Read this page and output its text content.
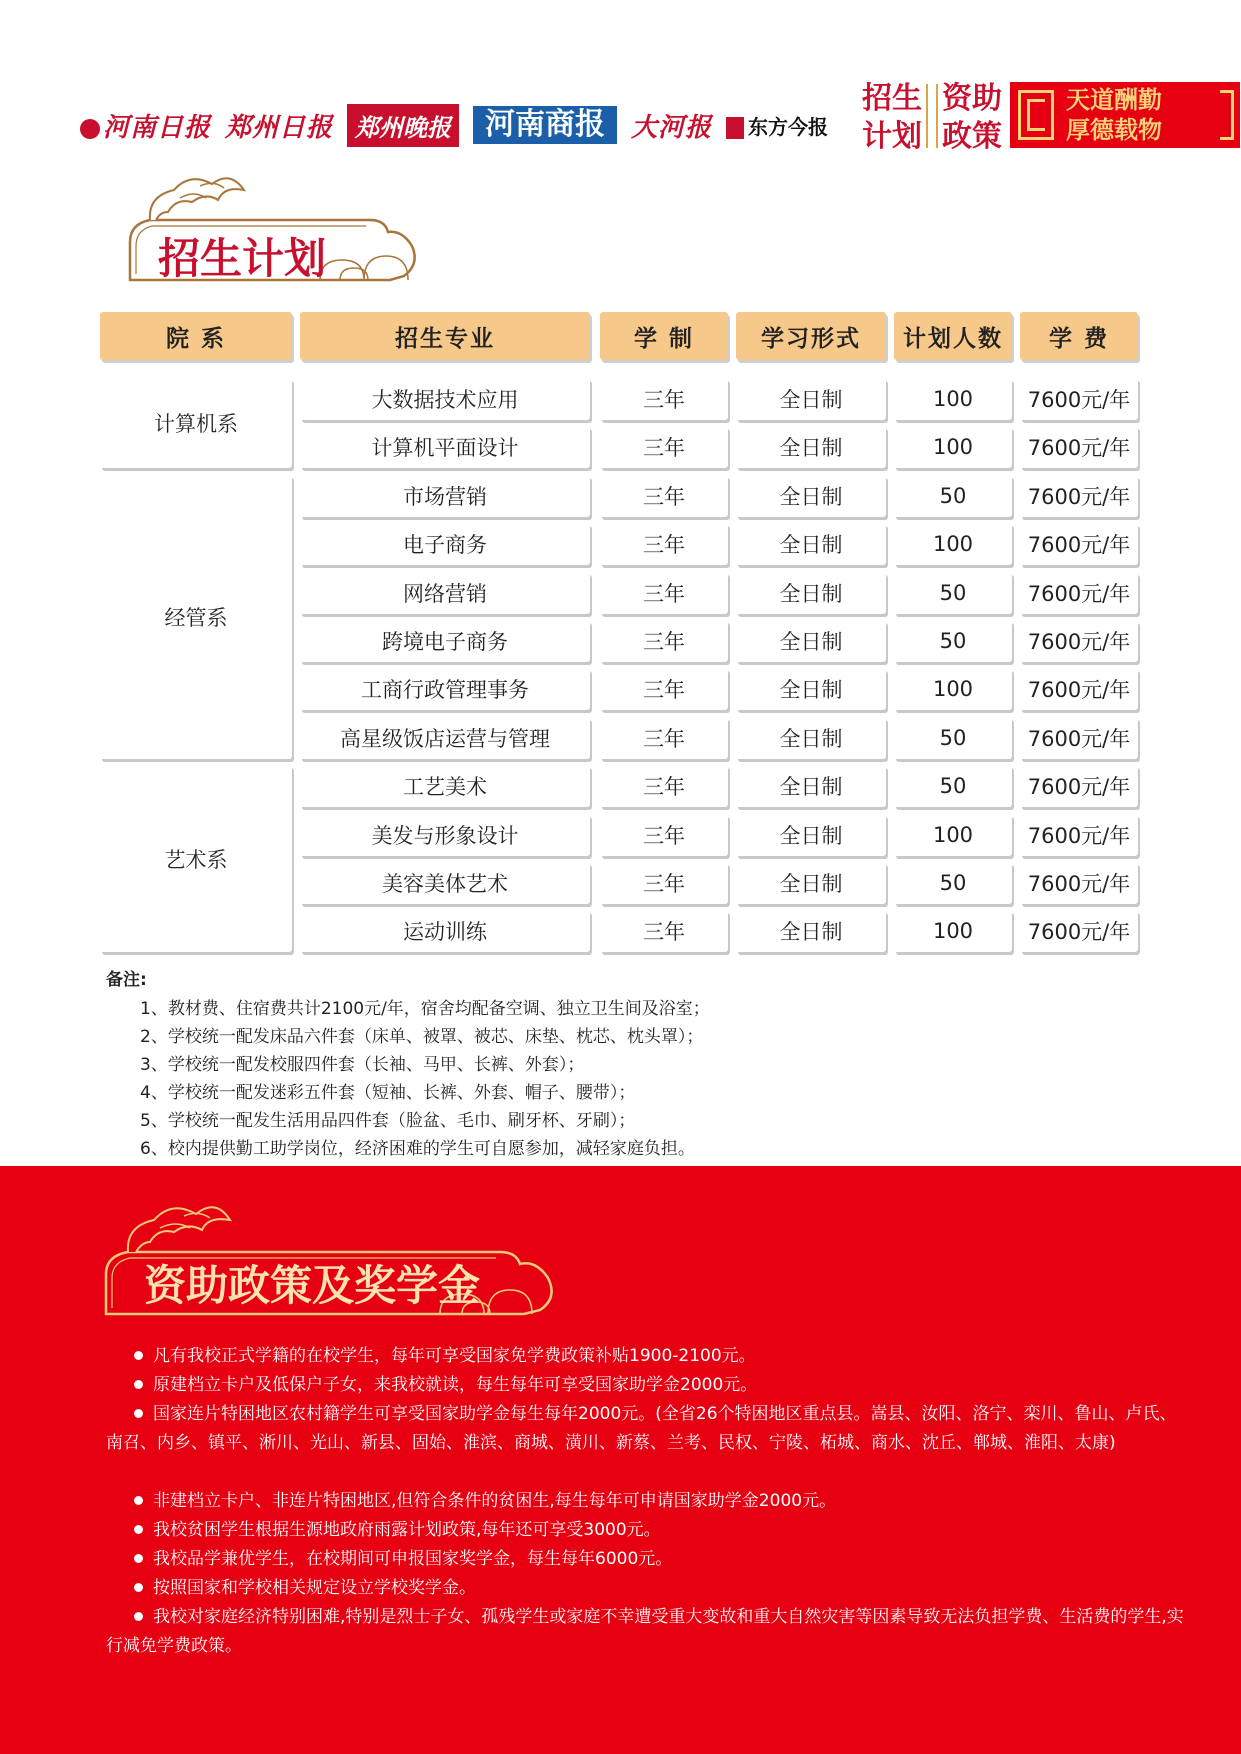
河南日报 郑州日报 郑州晚报	河南商报	大河报	东方今报
招生
计划
资助
政策
天道酬勤
厚德载物
招生计划
院 系	招生专业	学 制	学习形式	计划人数	学 费
计算机系
大数据技术应用	三年	全日制	100	7600元/年
计算机平面设计	三年	全日制	100	7600元/年
经管系
市场营销	三年	全日制	50	7600元/年
电子商务	三年	全日制	100	7600元/年
网络营销	三年	全日制	50	7600元/年
跨境电子商务	三年	全日制	50	7600元/年
工商行政管理事务	三年	全日制	100	7600元/年
高星级饭店运营与管理	三年	全日制	50	7600元/年
艺术系
工艺美术	三年	全日制	50	7600元/年
美发与形象设计	三年	全日制	100	7600元/年
美容美体艺术	三年	全日制	50	7600元/年
运动训练	三年	全日制	100	7600元/年
备注:
1、教材费、住宿费共计2100元/年，宿舍均配备空调、独立卫生间及浴室；
2、学校统一配发床品六件套（床单、被罩、被芯、床垫、枕芯、枕头罩）；
3、学校统一配发校服四件套（长袖、马甲、长裤、外套）；
4、学校统一配发迷彩五件套（短袖、长裤、外套、帽子、腰带）；
5、学校统一配发生活用品四件套（脸盆、毛巾、刷牙杯、牙刷）；
6、校内提供勤工助学岗位，经济困难的学生可自愿参加，减轻家庭负担。
资助政策及奖学金
凡有我校正式学籍的在校学生，每年可享受国家免学费政策补贴1900-2100元。
原建档立卡户及低保户子女，来我校就读，每生每年可享受国家助学金2000元。
国家连片特困地区农村籍学生可享受国家助学金每生每年2000元。(全省26个特困地区重点县。嵩县、汝阳、洛宁、栾川、鲁山、卢氏、南召、内乡、镇平、淅川、光山、新县、固始、淮滨、商城、潢川、新蔡、兰考、民权、宁陵、柘城、商水、沈丘、郸城、淮阳、太康)
非建档立卡户、非连片特困地区,但符合条件的贫困生,每生每年可申请国家助学金2000元。
我校贫困学生根据生源地政府雨露计划政策,每年还可享受3000元。
我校品学兼优学生，在校期间可申报国家奖学金，每生每年6000元。
按照国家和学校相关规定设立学校奖学金。
我校对家庭经济特别困难,特别是烈士子女、孤残学生或家庭不幸遭受重大变故和重大自然灾害等因素导致无法负担学费、生活费的学生,实行减免学费政策。
